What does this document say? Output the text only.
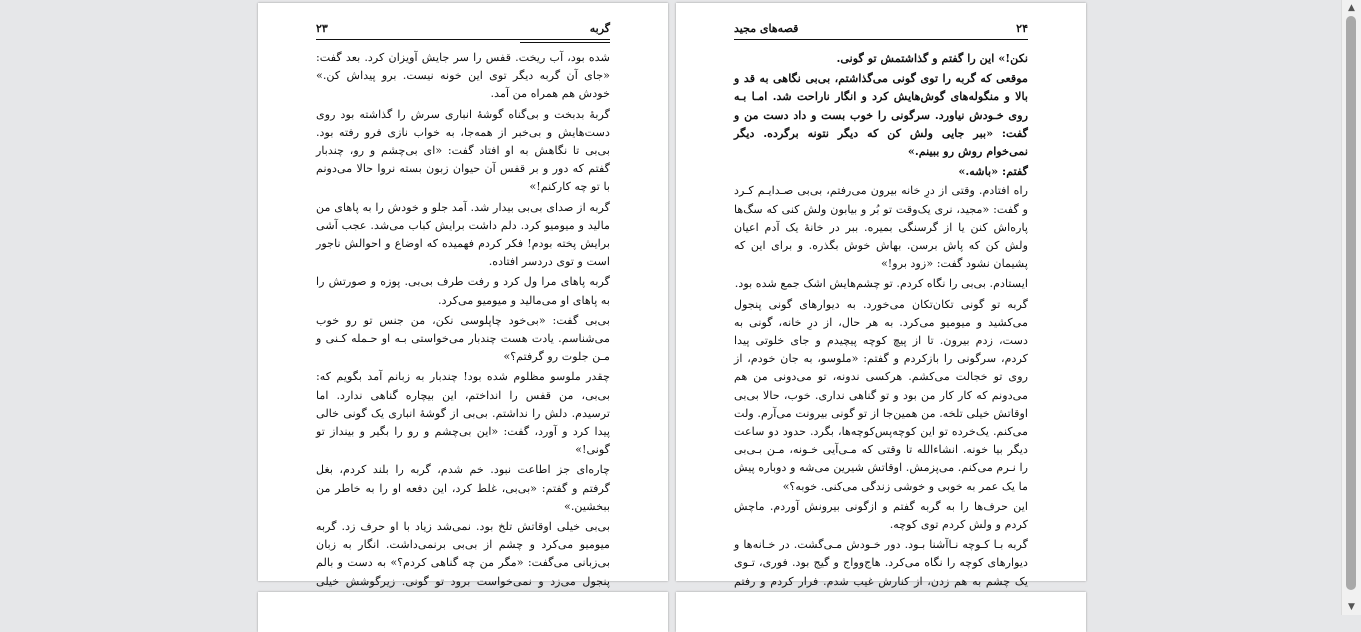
۲۴
قصه‌های مجید

نکن!» این را گفتم و گذاشتمش تو گونی.

موقعی که گربه را توی گونی می‌گذاشتم، بی‌بی نگاهی به قد و بالا و منگوله‌های گوش‌هایش کرد و انگار ناراحت شد. امـا بـه روی خـودش نیاورد. سرگونی را خوب بست و داد دست من و گفت: «ببر جایی ولش کن که دیگر نتونه برگرده. دیگر نمی‌خوام روش رو ببینم.»

گفتم: «باشه.»

راه افتادم. وقتی از درِ خانه بیرون می‌رفتم، بی‌بی صـدایـم کـرد و گفت: «مجید، نری یک‌وقت تو بُر و بیابون ولش کنی که سگ‌ها پاره‌اش کنن یا از گرسنگی بمیره. ببر در خانهٔ یک آدم اعیان ولش کن که پاش برسن. بهاش خوش بگذره. و برای این که پشیمان نشود گفت: «زود برو!»

ایستادم. بی‌بی را نگاه کردم. تو چشم‌هایش اشک جمع شده بود.

گربه تو گونی تکان‌تکان می‌خورد. به دیوارهای گونی پنجول می‌کشید و میومیو می‌کرد. به هر حال، از درِ خانه، گونی به دست، زدم بیرون. تا از پیچ کوچه پیچیدم و جای خلوتی پیدا کردم، سرگونی را بازکردم و گفتم: «ملوسو، به جان خودم، از روی تو خجالت می‌کشم. هرکسی ندونه، تو می‌دونی من هم می‌دونم که کار کار من بود و تو گناهی نداری. خوب، حالا بی‌بی اوقاتش خیلی تلخه. من همین‌جا از تو گونی بیرونت می‌آرم. ولت می‌کنم. یک‌خرده تو این کوچه‌پس‌کوچه‌ها، بگرد. حدود دو ساعت دیگر بیا خونه. انشاءالله تا وقتی که مـی‌آیی خـونه، مـن بـی‌بی را نـرم می‌کنم. می‌پزمش. اوقاتش شیرین می‌شه و دوباره پیش ما یک عمر به خوبی و خوشی زندگی می‌کنی. خوبه؟»

این حرف‌ها را به گربه گفتم و ازگونی بیرونش آوردم. ماچش کردم و ولش کردم توی کوچه.

گربه بـا کـوچه نـاآشنا بـود. دور خـودش مـی‌گشت. در خـانه‌ها و دیوارهای کوچه را نگاه می‌کرد. هاج‌وواج و گیج بود. فوری، تـوی یک چشم به هم زدن، از کنارش غیب شدم. فرار کردم و رفتم

گربه
۲۳

شده بود، آب ریخت. قفس را سر جایش آویزان کرد. بعد گفت: «جای آن گربه دیگر توی این خونه نیست. برو پیداش کن.» خودش هم همراه من آمد.

گربهٔ بدبخت و بی‌گناه گوشهٔ انباری سرش را گذاشته بود روی دست‌هایش و بی‌خبر از همه‌جا، به خواب نازی فرو رفته بود. بی‌بی تا نگاهش به او افتاد گفت: «ای بی‌چشم و رو، چندبار گفتم که دور و بر قفس آن حیوان زبون بسته نروا حالا می‌دونم با تو چه کارکنم!»

گربه از صدای بی‌بی بیدار شد. آمد جلو و خودش را به پاهای من مالید و میومیو کرد. دلم داشت برایش کباب می‌شد. عجب آشی برایش پخته بودم! فکر کردم فهمیده که اوضاع و احوالش ناجور است و توی دردسر افتاده.

گربه پاهای مرا ول کرد و رفت طرف بی‌بی. پوزه و صورتش را به پاهای او می‌مالید و میومیو می‌کرد.

بی‌بی گفت: «بی‌خود چاپلوسی نکن، من جنس تو رو خوب می‌شناسم. یادت هست چندبار می‌خواستی بـه او حـمله کـنی و مـن جلوت رو گرفتم؟»

چقدر ملوسو مظلوم شده بود! چندبار به زبانم آمد بگویم که: بی‌بی، من قفس را انداختم، این بیچاره گناهی ندارد. اما ترسیدم. دلش را نداشتم. بی‌بی از گوشهٔ انباری یک گونی خالی پیدا کرد و آورد، گفت: «این بی‌چشم و رو را بگیر و بینداز تو گونی!»

چاره‌ای جز اطاعت نبود. خم شدم، گربه را بلند کردم، بغل گرفتم و گفتم: «بی‌بی، غلط کرد، این دفعه او را به خاطر من ببخشین.»

بی‌بی خیلی اوقاتش تلخ بود. نمی‌شد زیاد با او حرف زد. گربه میومیو می‌کرد و چشم از بی‌بی برنمی‌داشت. انگار به زبان بی‌زبانی می‌گفت: «مگر من چه گناهی کردم؟» به دست و بالم پنجول می‌زد و نمی‌خواست برود تو گونی. زیرگوشش خیلی

▲
▼
